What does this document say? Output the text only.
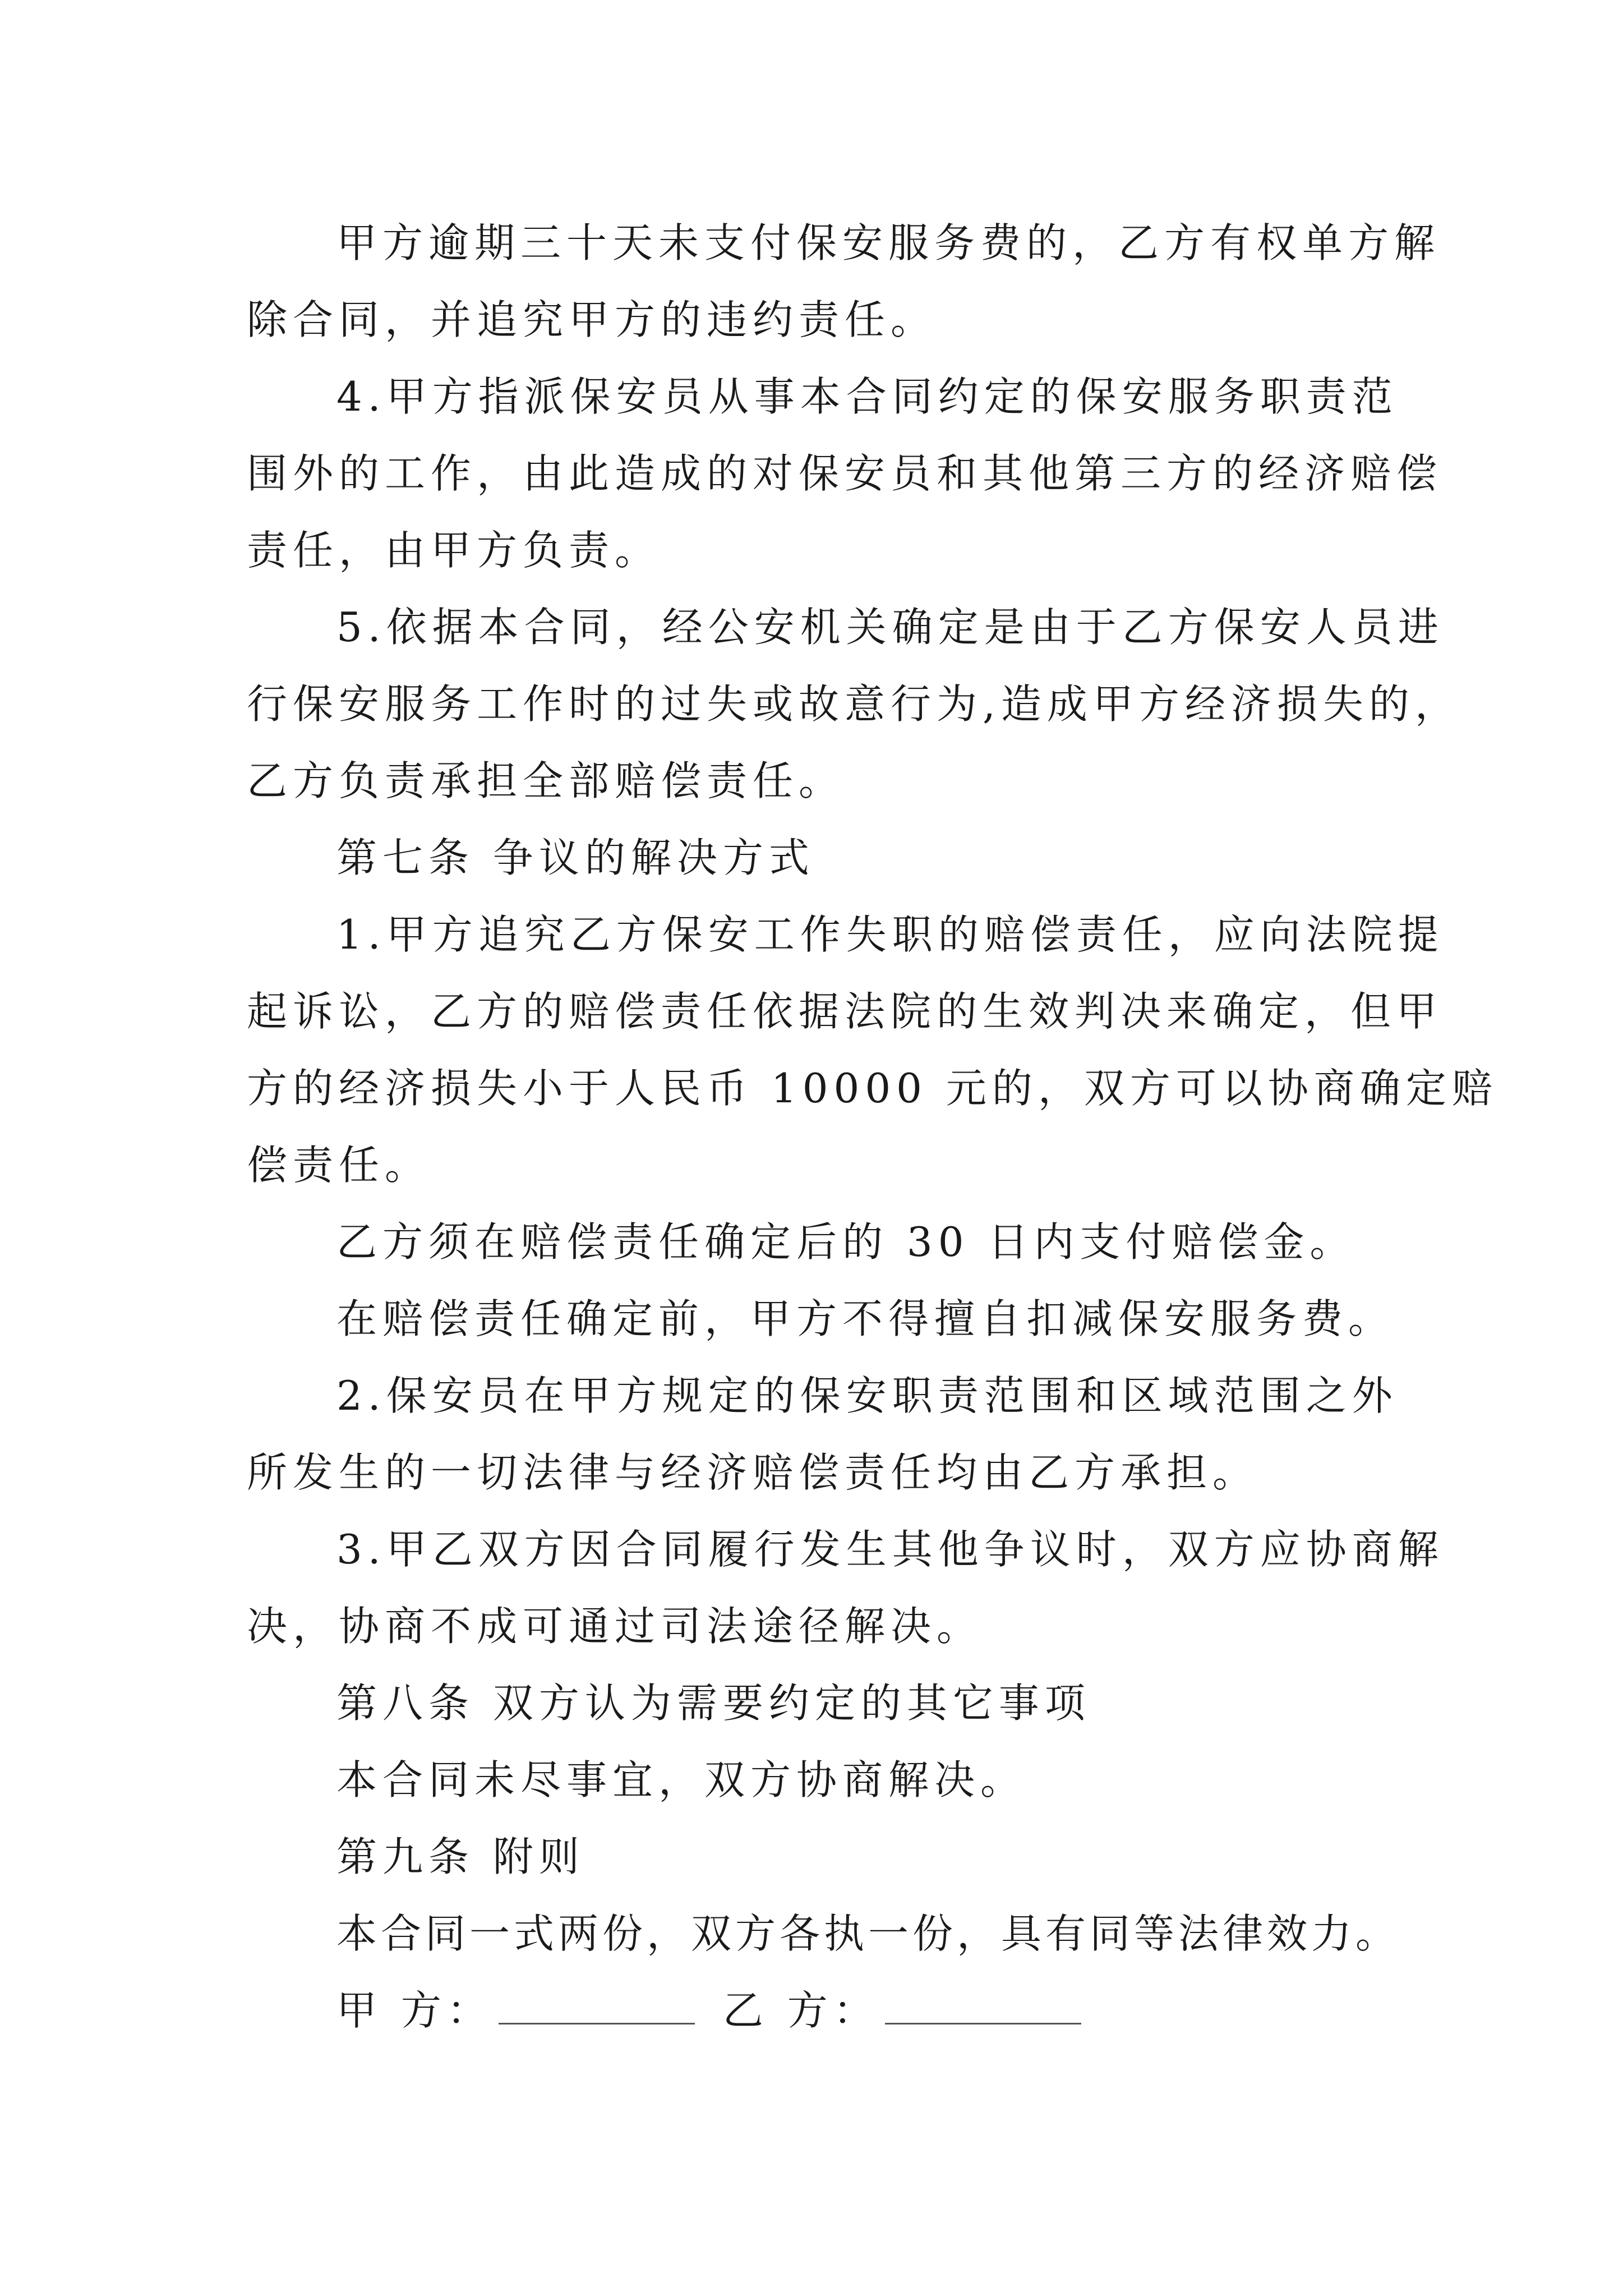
甲方逾期三十天未支付保安服务费的，乙方有权单方解
除合同，并追究甲方的违约责任。
4.甲方指派保安员从事本合同约定的保安服务职责范
围外的工作，由此造成的对保安员和其他第三方的经济赔偿
责任，由甲方负责。
5.依据本合同，经公安机关确定是由于乙方保安人员进
行保安服务工作时的过失或故意行为,造成甲方经济损失的，
乙方负责承担全部赔偿责任。
第七条 争议的解决方式
1.甲方追究乙方保安工作失职的赔偿责任，应向法院提
起诉讼，乙方的赔偿责任依据法院的生效判决来确定，但甲
方的经济损失小于人民币 10000 元的，双方可以协商确定赔
偿责任。
乙方须在赔偿责任确定后的 30 日内支付赔偿金。
在赔偿责任确定前，甲方不得擅自扣减保安服务费。
2.保安员在甲方规定的保安职责范围和区域范围之外
所发生的一切法律与经济赔偿责任均由乙方承担。
3.甲乙双方因合同履行发生其他争议时，双方应协商解
决，协商不成可通过司法途径解决。
第八条 双方认为需要约定的其它事项
本合同未尽事宜，双方协商解决。
第九条 附则
本合同一式两份，双方各执一份，具有同等法律效力。
甲 方：	乙 方：
